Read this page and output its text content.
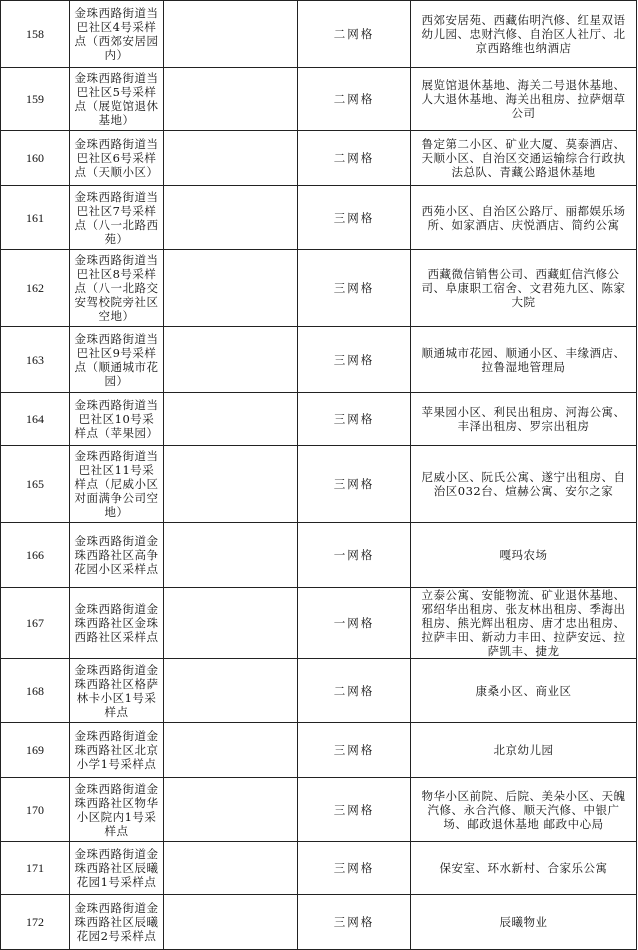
158	金珠西路街道当巴社区4号采样点（西郊安居园内）		二网格	西郊安居苑、西藏佑明汽修、红星双语幼儿园、忠财汽修、自治区人社厅、北京西路维也纳酒店
159	金珠西路街道当巴社区5号采样点（展览馆退休基地）		二网格	展览馆退休基地、海关二号退休基地、人大退休基地、海关出租房、拉萨烟草公司
160	金珠西路街道当巴社区6号采样点（天顺小区）		二网格	鲁定第二小区、矿业大厦、莫泰酒店、天顺小区、自治区交通运输综合行政执法总队、青藏公路退休基地
161	金珠西路街道当巴社区7号采样点（八一北路西苑）		三网格	西苑小区、自治区公路厅、丽都娱乐场所、如家酒店、庆悦酒店、简约公寓
162	金珠西路街道当巴社区8号采样点（八一北路交安驾校院旁社区空地）		三网格	西藏微信销售公司、西藏虹信汽修公司、阜康职工宿舍、文君苑九区、陈家大院
163	金珠西路街道当巴社区9号采样点（顺通城市花园）		三网格	顺通城市花园、顺通小区、丰缘酒店、拉鲁湿地管理局
164	金珠西路街道当巴社区10号采样点（苹果园）		三网格	苹果园小区、利民出租房、河海公寓、丰泽出租房、罗宗出租房
165	金珠西路街道当巴社区11号采样点（尼威小区对面满争公司空地）		三网格	尼威小区、阮氏公寓、遂宁出租房、自治区032台、煊赫公寓、安尔之家
166	金珠西路街道金珠西路社区高争花园小区采样点		一网格	嘎玛农场
167	金珠西路街道金珠西路社区金珠西路社区采样点		一网格	立泰公寓、安能物流、矿业退休基地、邪绍华出租房、张友林出租房、季海出租房、熊光辉出租房、唐才忠出租房、拉萨丰田、新动力丰田、拉萨安远、拉萨凯丰、捷龙
168	金珠西路街道金珠西路社区格萨林卡小区1号采样点		二网格	康桑小区、商业区
169	金珠西路街道金珠西路社区北京小学1号采样点		三网格	北京幼儿园
170	金珠西路街道金珠西路社区物华小区院内1号采样点		三网格	物华小区前院、后院、美朵小区、天魄汽修、永合汽修、顺天汽修、中银广场、邮政退休基地 邮政中心局
171	金珠西路街道金珠西路社区辰曦花园1号采样点		三网格	保安室、环水新村、合家乐公寓
172	金珠西路街道金珠西路社区辰曦花园2号采样点		三网格	辰曦物业
